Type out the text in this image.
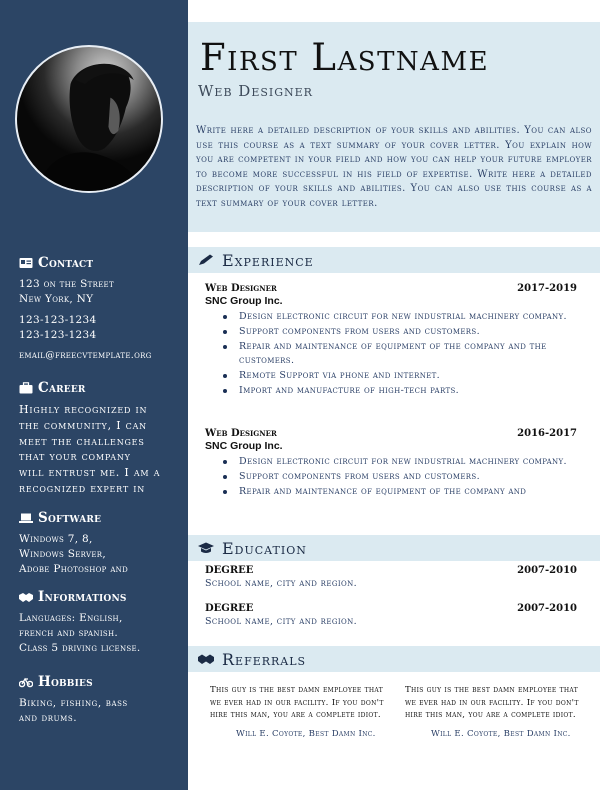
Contact
123 on the Street
New York, NY
123-123-1234
123-123-1234
email@freecvtemplate.org
Career
Highly recognized in
the community, I can
meet the challenges
that your company
will entrust me. I am a
recognized expert in
Software
Windows 7, 8,
Windows Server,
Adobe Photoshop and
Informations
Languages: English,
french and spanish.
Class 5 driving license.
Hobbies
Biking, fishing, bass
and drums.
First Lastname
Web Designer

Write here a detailed description of your skills and abilities. You can also use this course as a text summary of your cover letter. You explain how you are competent in your field and how you can help your future employer to become more successful in his field of expertise. Write here a detailed description of your skills and abilities. You can also use this course as a text summary of your cover letter.

Experience
Web Designer	2017-2019
SNC Group Inc.
Design electronic circuit for new industrial machinery company.
Support components from users and customers.
Repair and maintenance of equipment of the company and the customers.
Remote Support via phone and internet.
Import and manufacture of high-tech parts.
Web Designer	2016-2017
SNC Group Inc.
Design electronic circuit for new industrial machinery company.
Support components from users and customers.
Repair and maintenance of equipment of the company and
Education
DEGREE	2007-2010
School name, city and region.
DEGREE	2007-2010
School name, city and region.
Referrals
This guy is the best damn employee that we ever had in our facility. If you don't hire this man, you are a complete idiot.
Will E. Coyote, Best Damn Inc.
This guy is the best damn employee that we ever had in our facility. If you don't hire this man, you are a complete idiot.
Will E. Coyote, Best Damn Inc.
